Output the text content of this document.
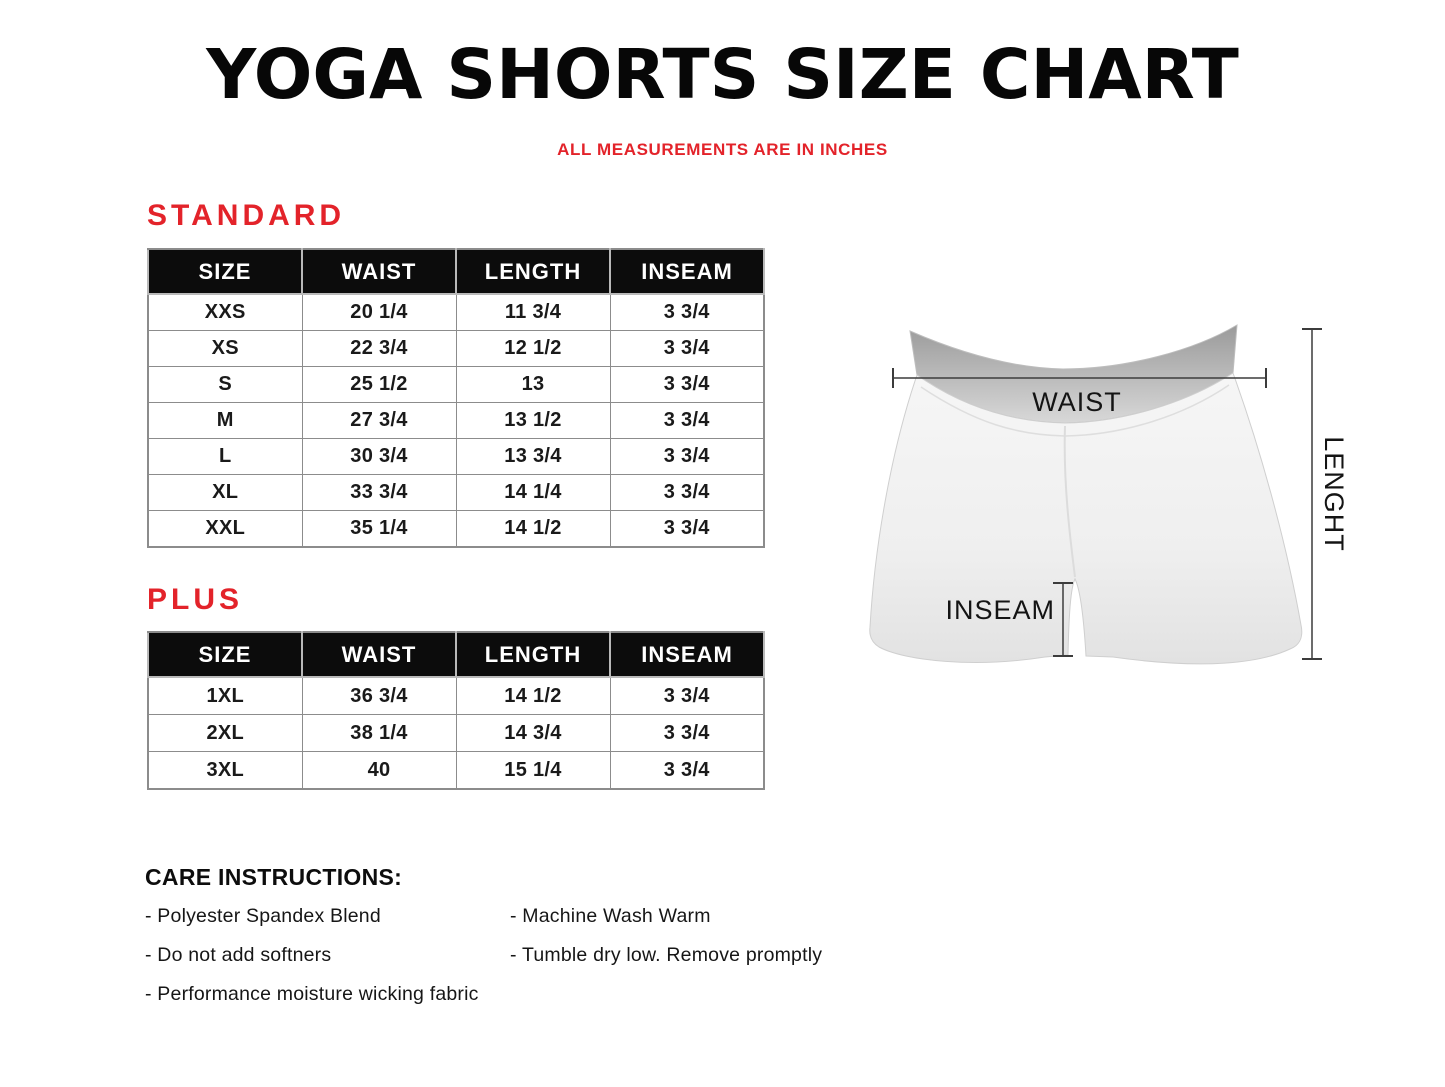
YOGA SHORTS SIZE CHART
ALL MEASUREMENTS ARE IN INCHES
STANDARD
SIZE	WAIST	LENGTH	INSEAM
XXS	20 1/4	11 3/4	3 3/4
XS	22 3/4	12 1/2	3 3/4
S	25 1/2	13	3 3/4
M	27 3/4	13 1/2	3 3/4
L	30 3/4	13 3/4	3 3/4
XL	33 3/4	14 1/4	3 3/4
XXL	35 1/4	14 1/2	3 3/4
PLUS
SIZE	WAIST	LENGTH	INSEAM
1XL	36 3/4	14 1/2	3 3/4
2XL	38 1/4	14 3/4	3 3/4
3XL	40	15 1/4	3 3/4
WAIST
INSEAM
LENGHT
CARE INSTRUCTIONS:
- Polyester Spandex Blend
- Do not add softners
- Performance moisture wicking fabric
- Machine Wash Warm
- Tumble dry low. Remove promptly
